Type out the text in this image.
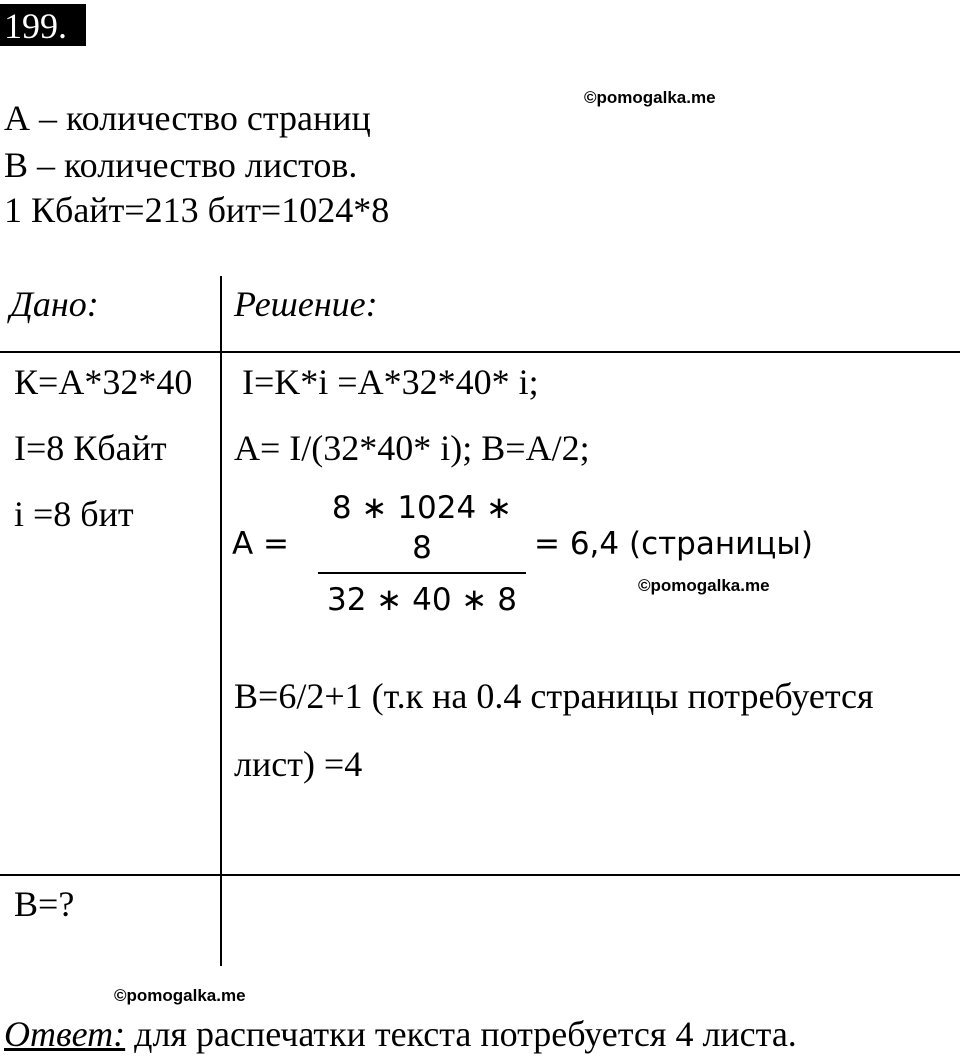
199.
©pomogalka.me
А – количество страниц
В – количество листов.
1 Кбайт=213 бит=1024*8
Дано:	Решение:
К=А*32*40
I=8 Кбайт
i =8 бит
В=?
I=K*i =А*32*40* i;
А= I/(32*40* i); В=А/2;
А =
8 ∗ 1024 ∗ 8
32 ∗ 40 ∗ 8
= 6,4 (страницы)
©pomogalka.me
В=6/2+1 (т.к на 0.4 страницы потребуется
лист) =4
©pomogalka.me
Ответ: для распечатки текста потребуется 4 листа.
